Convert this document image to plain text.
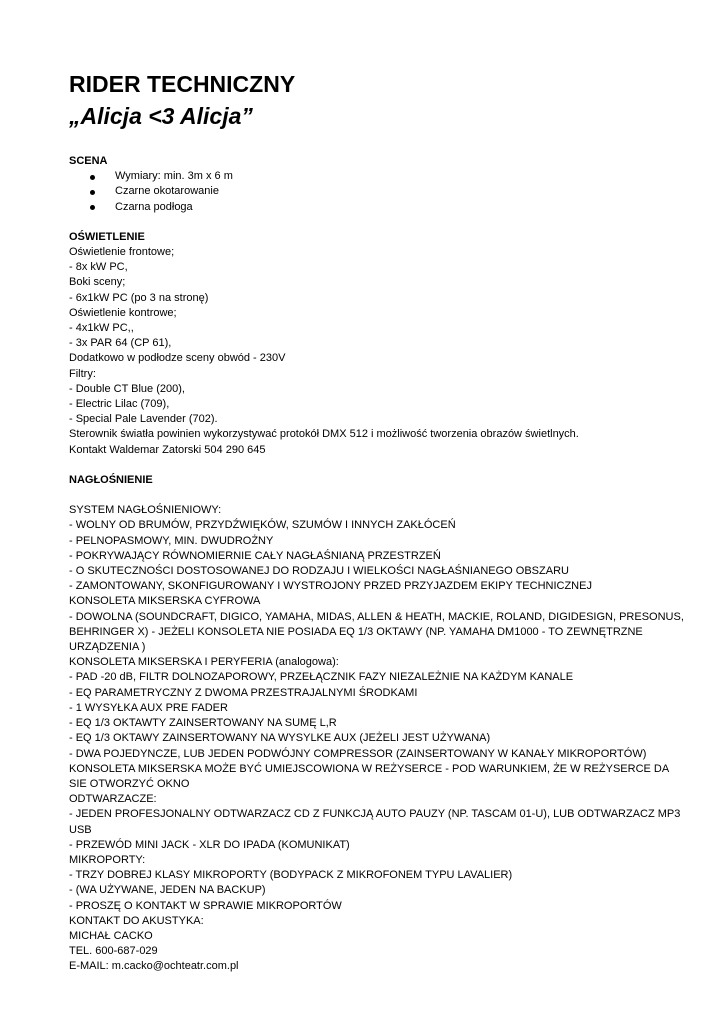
RIDER TECHNICZNY
„Alicja <3 Alicja”

SCENA

Wymiary: min. 3m x 6 m
Czarne okotarowanie
Czarna podłoga

OŚWIETLENIE

Oświetlenie frontowe;

- 8x kW PC,

Boki sceny;

- 6x1kW PC (po 3 na stronę)

Oświetlenie kontrowe;

- 4x1kW PC,,

- 3x PAR 64 (CP 61),

Dodatkowo w podłodze sceny obwód - 230V

Filtry:

- Double CT Blue (200),

- Electric Lilac (709),

- Special Pale Lavender (702).

Sterownik światła powinien wykorzystywać protokół DMX 512 i możliwość tworzenia obrazów świetlnych.

Kontakt Waldemar Zatorski 504 290 645

NAGŁOŚNIENIE

SYSTEM NAGŁOŚNIENIOWY:

- WOLNY OD BRUMÓW, PRZYDŹWIĘKÓW, SZUMÓW I INNYCH ZAKŁÓCEŃ

- PELNOPASMOWY, MIN. DWUDROŻNY

- POKRYWAJĄCY RÓWNOMIERNIE CAŁY NAGŁAŚNIANĄ PRZESTRZEŃ

- O SKUTECZNOŚCI DOSTOSOWANEJ DO RODZAJU I WIELKOŚCI NAGŁAŚNIANEGO OBSZARU

- ZAMONTOWANY, SKONFIGUROWANY I WYSTROJONY PRZED PRZYJAZDEM EKIPY TECHNICZNEJ

KONSOLETA MIKSERSKA CYFROWA

- DOWOLNA (SOUNDCRAFT, DIGICO, YAMAHA, MIDAS, ALLEN & HEATH, MACKIE, ROLAND, DIGIDESIGN, PRESONUS,

BEHRINGER X) - JEŻELI KONSOLETA NIE POSIADA EQ 1/3 OKTAWY (NP. YAMAHA DM1000 - TO ZEWNĘTRZNE

URZĄDZENIA )

KONSOLETA MIKSERSKA I PERYFERIA (analogowa):

- PAD -20 dB, FILTR DOLNOZAPOROWY, PRZEŁĄCZNIK FAZY NIEZALEŻNIE NA KAŻDYM KANALE

- EQ PARAMETRYCZNY Z DWOMA PRZESTRAJALNYMI ŚRODKAMI

- 1 WYSYŁKA AUX PRE FADER

- EQ 1/3 OKTAWTY ZAINSERTOWANY NA SUMĘ L,R

- EQ 1/3 OKTAWY ZAINSERTOWANY NA WYSYLKE AUX (JEŻELI JEST UŻYWANA)

- DWA POJEDYNCZE, LUB JEDEN PODWÓJNY COMPRESSOR (ZAINSERTOWANY W KANAŁY MIKROPORTÓW)

KONSOLETA MIKSERSKA MOŻE BYĆ UMIEJSCOWIONA W REŻYSERCE - POD WARUNKIEM, ŻE W REŻYSERCE DA

SIE OTWORZYĆ OKNO

ODTWARZACZE:

- JEDEN PROFESJONALNY ODTWARZACZ CD Z FUNKCJĄ AUTO PAUZY (NP. TASCAM 01-U), LUB ODTWARZACZ MP3

USB

- PRZEWÓD MINI JACK - XLR DO IPADA (KOMUNIKAT)

MIKROPORTY:

- TRZY DOBREJ KLASY MIKROPORTY (BODYPACK Z MIKROFONEM TYPU LAVALIER)

- (WA UŻYWANE, JEDEN NA BACKUP)

- PROSZĘ O KONTAKT W SPRAWIE MIKROPORTÓW

KONTAKT DO AKUSTYKA:

MICHAŁ CACKO

TEL. 600-687-029

E-MAIL: m.cacko@ochteatr.com.pl
